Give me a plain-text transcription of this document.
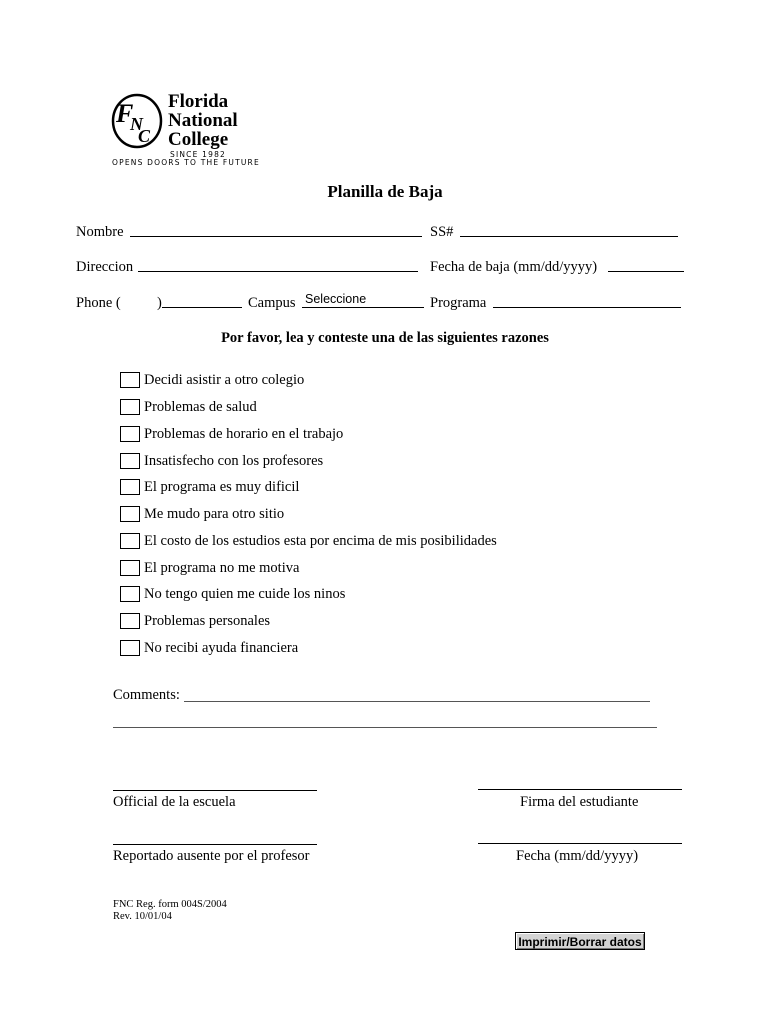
F
N
C
Florida
National
College
SINCE 1982
OPENS DOORS TO THE FUTURE
Planilla de Baja
Nombre	SS#
Direccion	Fecha de baja (mm/dd/yyyy)
Phone (	)	Campus Seleccione	Programa
Por favor, lea y conteste una de las siguientes razones
Decidi asistir a otro colegio
Problemas de salud
Problemas de horario en el trabajo
Insatisfecho con los profesores
El programa es muy dificil
Me mudo para otro sitio
El costo de los estudios esta por encima de mis posibilidades
El programa no me motiva
No tengo quien me cuide los ninos
Problemas personales
No recibi ayuda financiera
Comments:
Official de la escuela	Firma del estudiante
Reportado ausente por el profesor	Fecha (mm/dd/yyyy)
FNC Reg. form 004S/2004
Rev. 10/01/04
Imprimir/Borrar datos
